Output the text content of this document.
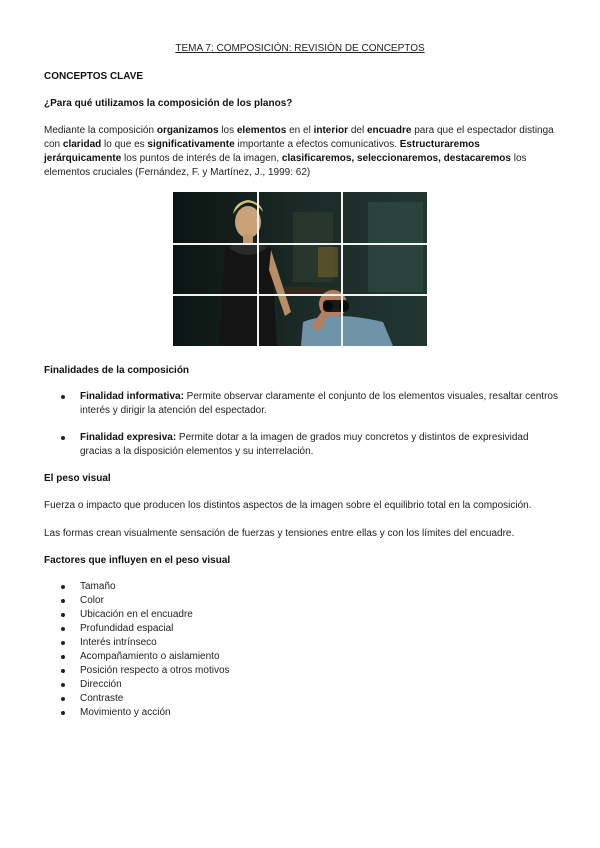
TEMA 7: COMPOSICIÓN: REVISIÓN DE CONCEPTOS
CONCEPTOS CLAVE
¿Para qué utilizamos la composición de los planos?

Mediante la composición organizamos los elementos en el interior del encuadre para que el espectador distinga con claridad lo que es significativamente importante a efectos comunicativos. Estructuraremos jerárquicamente los puntos de interés de la imagen, clasificaremos, seleccionaremos, destacaremos los elementos cruciales (Fernández, F. y Martínez, J., 1999: 62)

Finalidades de la composición
Finalidad informativa: Permite observar claramente el conjunto de los elementos visuales, resaltar centros interés y dirigir la atención del espectador.
Finalidad expresiva: Permite dotar a la imagen de grados muy concretos y distintos de expresividad gracias a la disposición elementos y su interrelación.
El peso visual

Fuerza o impacto que producen los distintos aspectos de la imagen sobre el equilibrio total en la composición.

Las formas crean visualmente sensación de fuerzas y tensiones entre ellas y con los límites del encuadre.

Factores que influyen en el peso visual
Tamaño
Color
Ubicación en el encuadre
Profundidad espacial
Interés intrínseco
Acompañamiento o aislamiento
Posición respecto a otros motivos
Dirección
Contraste
Movimiento y acción
